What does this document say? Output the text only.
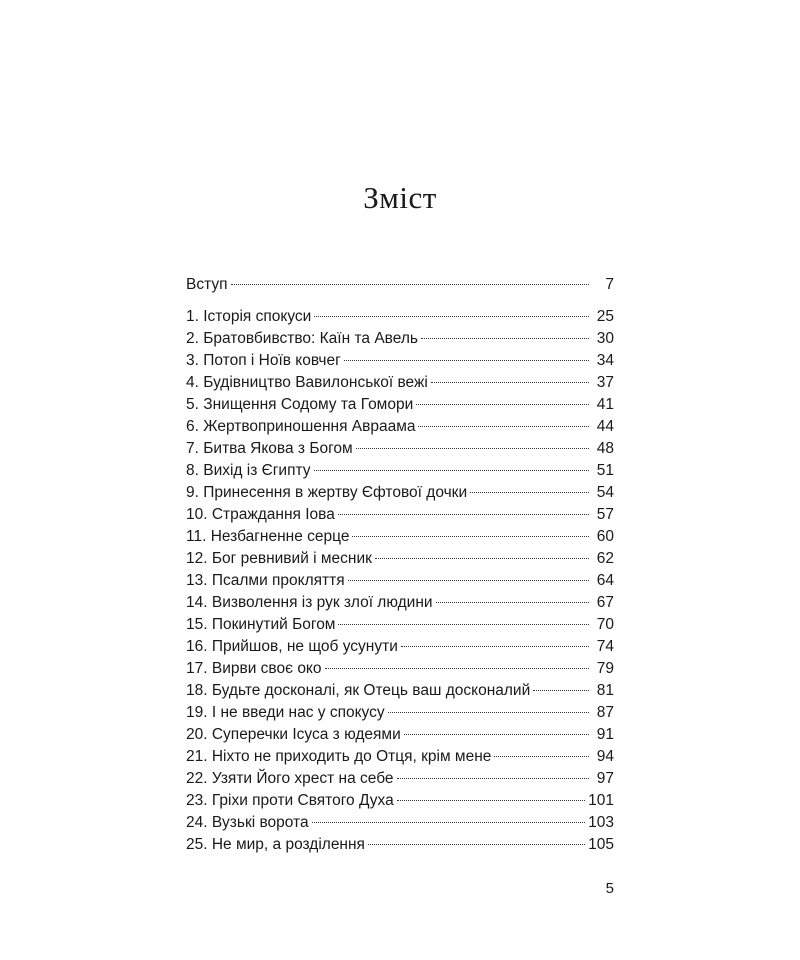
Зміст
Вступ	7
1. Історія спокуси	25
2. Братовбивство: Каїн та Авель	30
3. Потоп і Ноїв ковчег	34
4. Будівництво Вавилонської вежі	37
5. Знищення Содому та Гомори	41
6. Жертвоприношення Авраама	44
7. Битва Якова з Богом	48
8. Вихід із Єгипту	51
9. Принесення в жертву Єфтової дочки	54
10. Страждання Іова	57
11. Незбагненне серце	60
12. Бог ревнивий і месник	62
13. Псалми прокляття	64
14. Визволення із рук злої людини	67
15. Покинутий Богом	70
16. Прийшов, не щоб усунути	74
17. Вирви своє око	79
18. Будьте досконалі, як Отець ваш досконалий	81
19. І не введи нас у спокусу	87
20. Суперечки Ісуса з юдеями	91
21. Ніхто не приходить до Отця, крім мене	94
22. Узяти Його хрест на себе	97
23. Гріхи проти Святого Духа	101
24. Вузькі ворота	103
25. Не мир, а розділення	105
5
